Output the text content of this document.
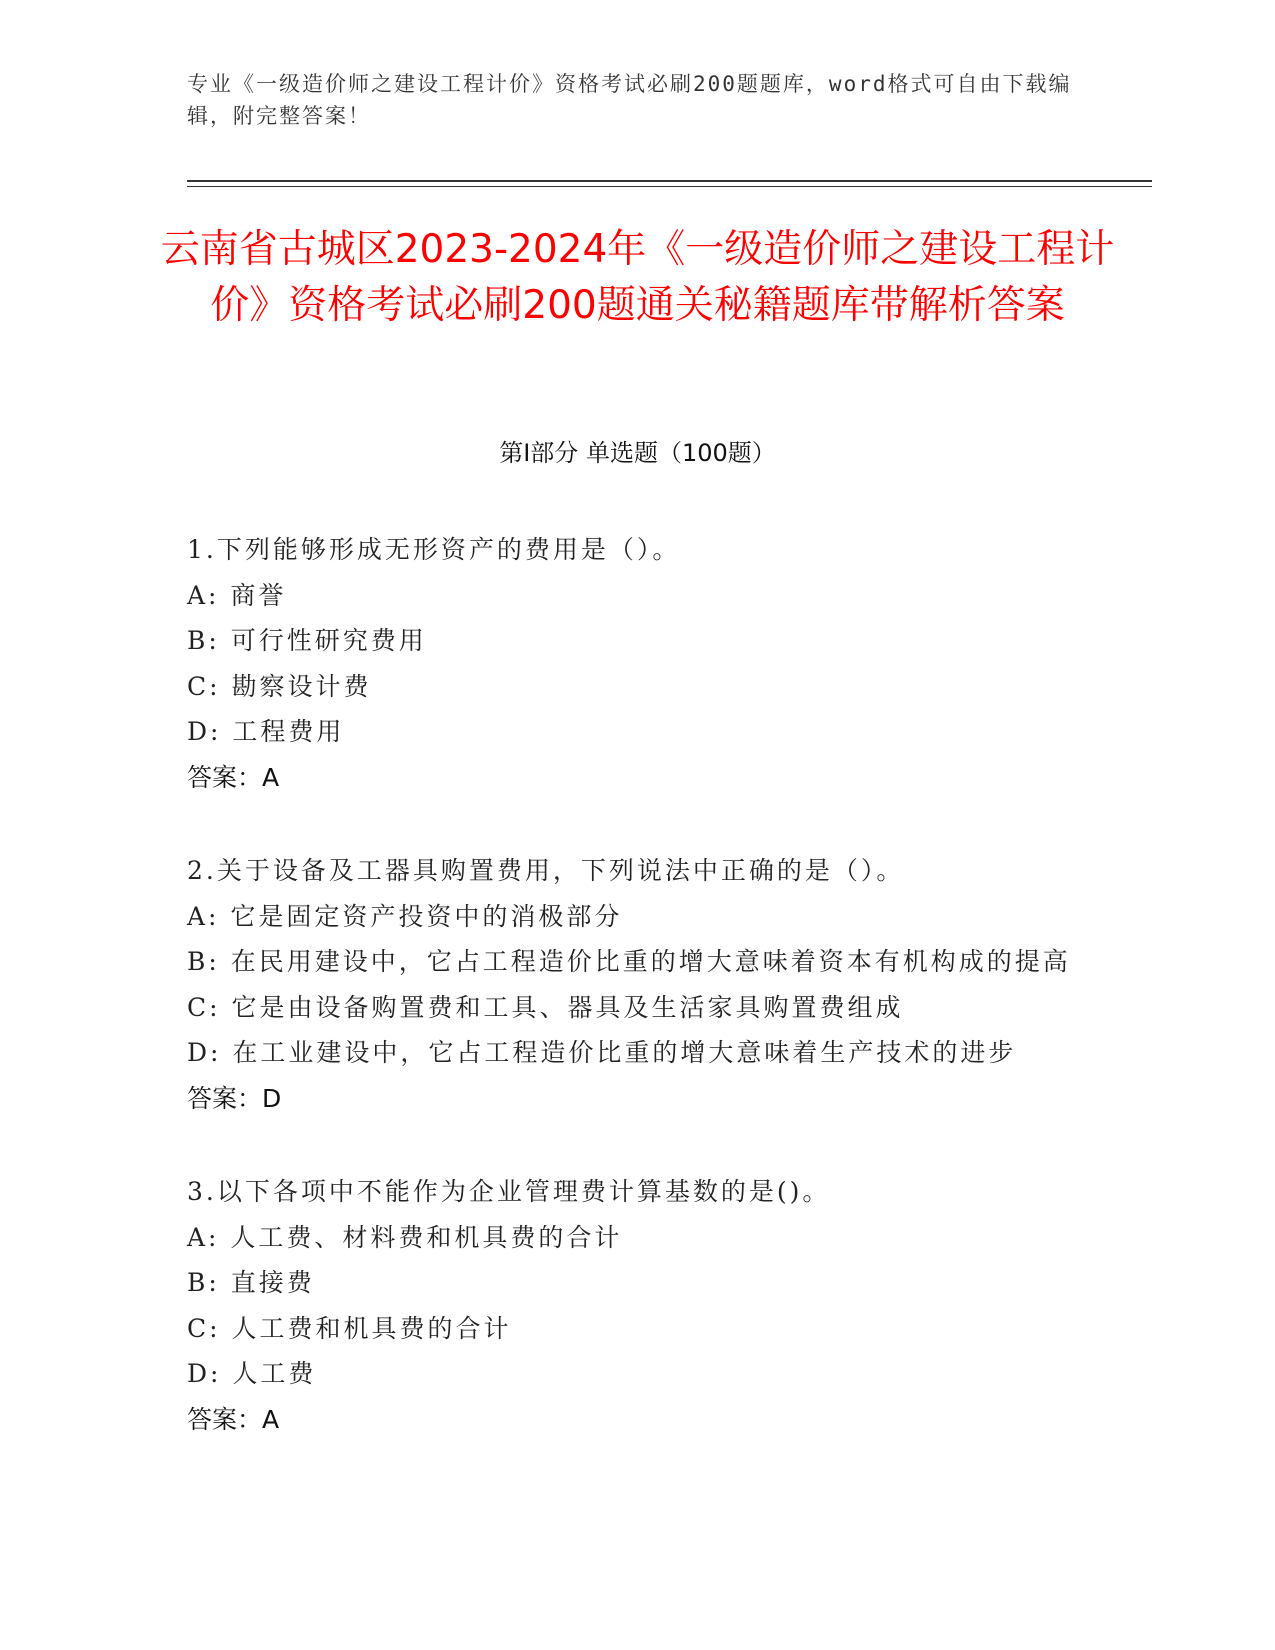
专业《一级造价师之建设工程计价》资格考试必刷200题题库，word格式可自由下载编辑，附完整答案！
云南省古城区2023-2024年《一级造价师之建设工程计价》资格考试必刷200题通关秘籍题库带解析答案
第I部分 单选题（100题）
1.下列能够形成无形资产的费用是（）。
A: 商誉
B: 可行性研究费用
C: 勘察设计费
D: 工程费用
答案：A
2.关于设备及工器具购置费用，下列说法中正确的是（）。
A: 它是固定资产投资中的消极部分
B: 在民用建设中，它占工程造价比重的增大意味着资本有机构成的提高
C: 它是由设备购置费和工具、器具及生活家具购置费组成
D: 在工业建设中，它占工程造价比重的增大意味着生产技术的进步
答案：D
3.以下各项中不能作为企业管理费计算基数的是()。
A: 人工费、材料费和机具费的合计
B: 直接费
C: 人工费和机具费的合计
D: 人工费
答案：A
